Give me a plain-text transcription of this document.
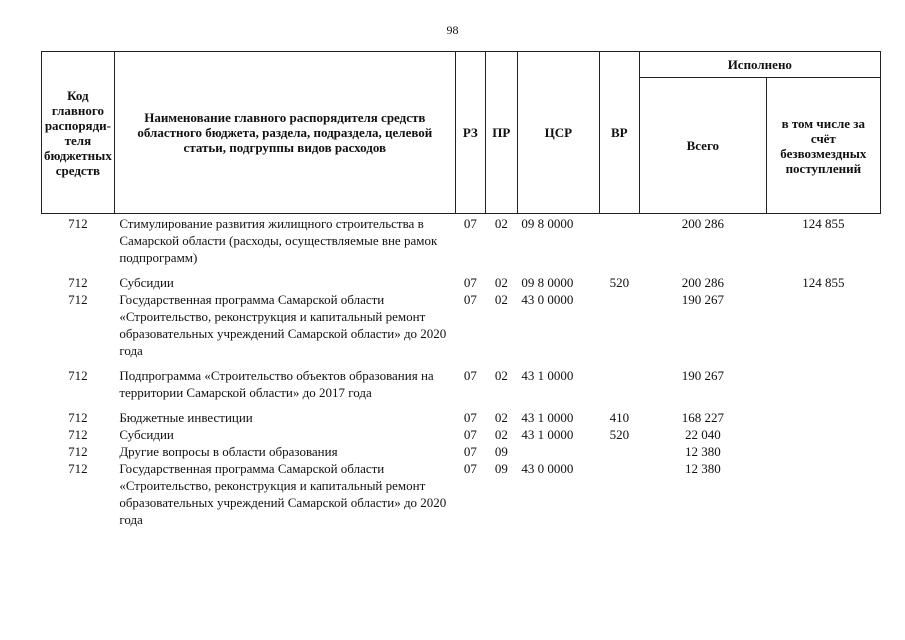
98
Код главного распоряди-теля бюджетных средств	Наименование главного распорядителя средств областного бюджета, раздела, подраздела, целевой статьи, подгруппы видов расходов	РЗ	ПР	ЦСР	ВР	Исполнено	
						Всего	в том числе за счёт безвозмездных поступлений
712	Стимулирование развития жилищного строительства в Самарской области (расходы, осуществляемые вне рамок подпрограмм)	07	02	09 8 0000		200 286	124 855
712	Субсидии	07	02	09 8 0000	520	200 286	124 855
712	Государственная программа Самарской области «Строительство, реконструкция и капитальный ремонт образовательных учреждений Самарской области» до 2020 года	07	02	43 0 0000		190 267	
712	Подпрограмма «Строительство объектов образования на территории Самарской области» до 2017 года	07	02	43 1 0000		190 267	
712	Бюджетные инвестиции	07	02	43 1 0000	410	168 227	
712	Субсидии	07	02	43 1 0000	520	22 040	
712	Другие вопросы в области образования	07	09			12 380	
712	Государственная программа Самарской области «Строительство, реконструкция и капитальный ремонт образовательных учреждений Самарской области» до 2020 года	07	09	43 0 0000		12 380	
